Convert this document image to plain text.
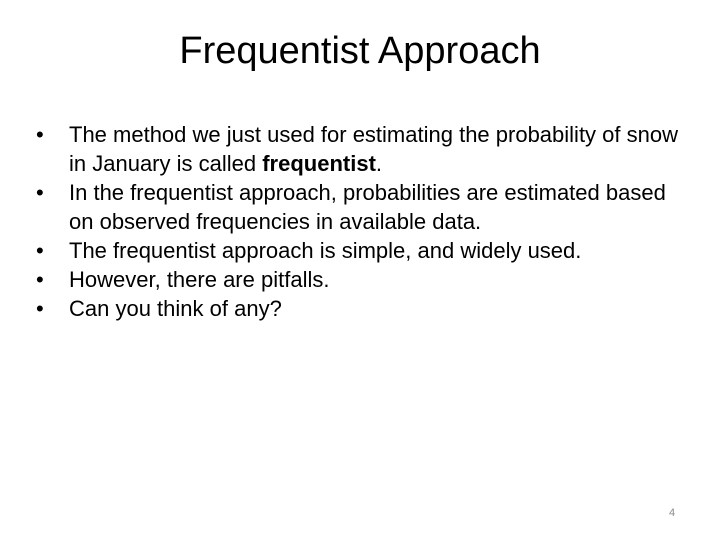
Frequentist Approach
•	The method we just used for estimating the probability of snow in January is called frequentist.
•	In the frequentist approach, probabilities are estimated based on observed frequencies in available data.
•	The frequentist approach is simple, and widely used.
•	However, there are pitfalls.
•	Can you think of any?
4
